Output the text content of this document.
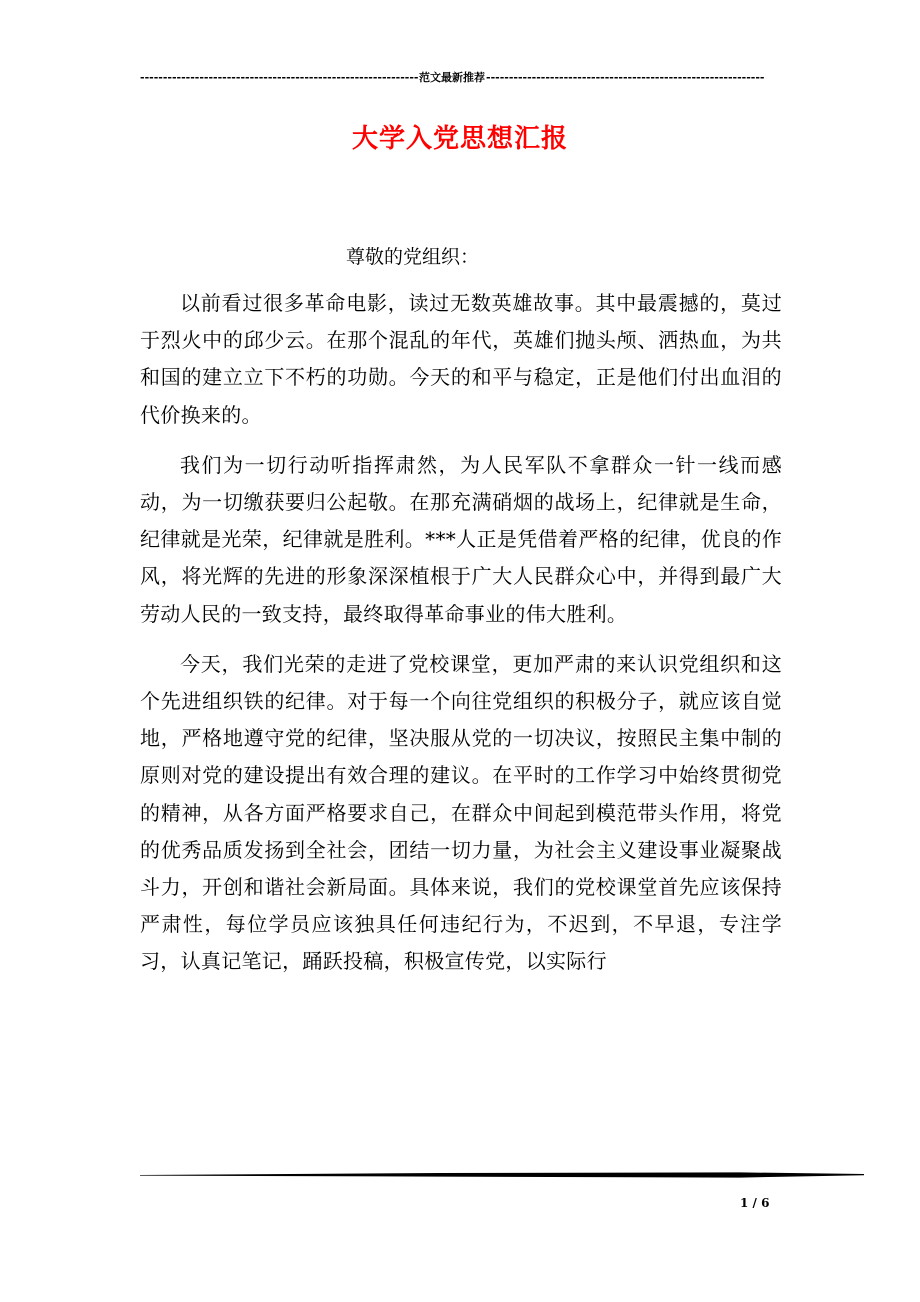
-----
范文最新推荐
-----
大学入党思想汇报
尊敬的党组织：

以前看过很多革命电影，读过无数英雄故事。其中最震撼的，莫过于烈火中的邱少云。在那个混乱的年代，英雄们抛头颅、洒热血，为共和国的建立立下不朽的功勋。今天的和平与稳定，正是他们付出血泪的代价换来的。

我们为一切行动听指挥肃然，为人民军队不拿群众一针一线而感动，为一切缴获要归公起敬。在那充满硝烟的战场上，纪律就是生命，纪律就是光荣，纪律就是胜利。***人正是凭借着严格的纪律，优良的作风，将光辉的先进的形象深深植根于广大人民群众心中，并得到最广大劳动人民的一致支持，最终取得革命事业的伟大胜利。

今天，我们光荣的走进了党校课堂，更加严肃的来认识党组织和这个先进组织铁的纪律。对于每一个向往党组织的积极分子，就应该自觉地，严格地遵守党的纪律，坚决服从党的一切决议，按照民主集中制的原则对党的建设提出有效合理的建议。在平时的工作学习中始终贯彻党的精神，从各方面严格要求自己，在群众中间起到模范带头作用，将党的优秀品质发扬到全社会，团结一切力量，为社会主义建设事业凝聚战斗力，开创和谐社会新局面。具体来说，我们的党校课堂首先应该保持严肃性，每位学员应该独具任何违纪行为，不迟到，不早退，专注学习，认真记笔记，踊跃投稿，积极宣传党，以实际行

1 / 6
